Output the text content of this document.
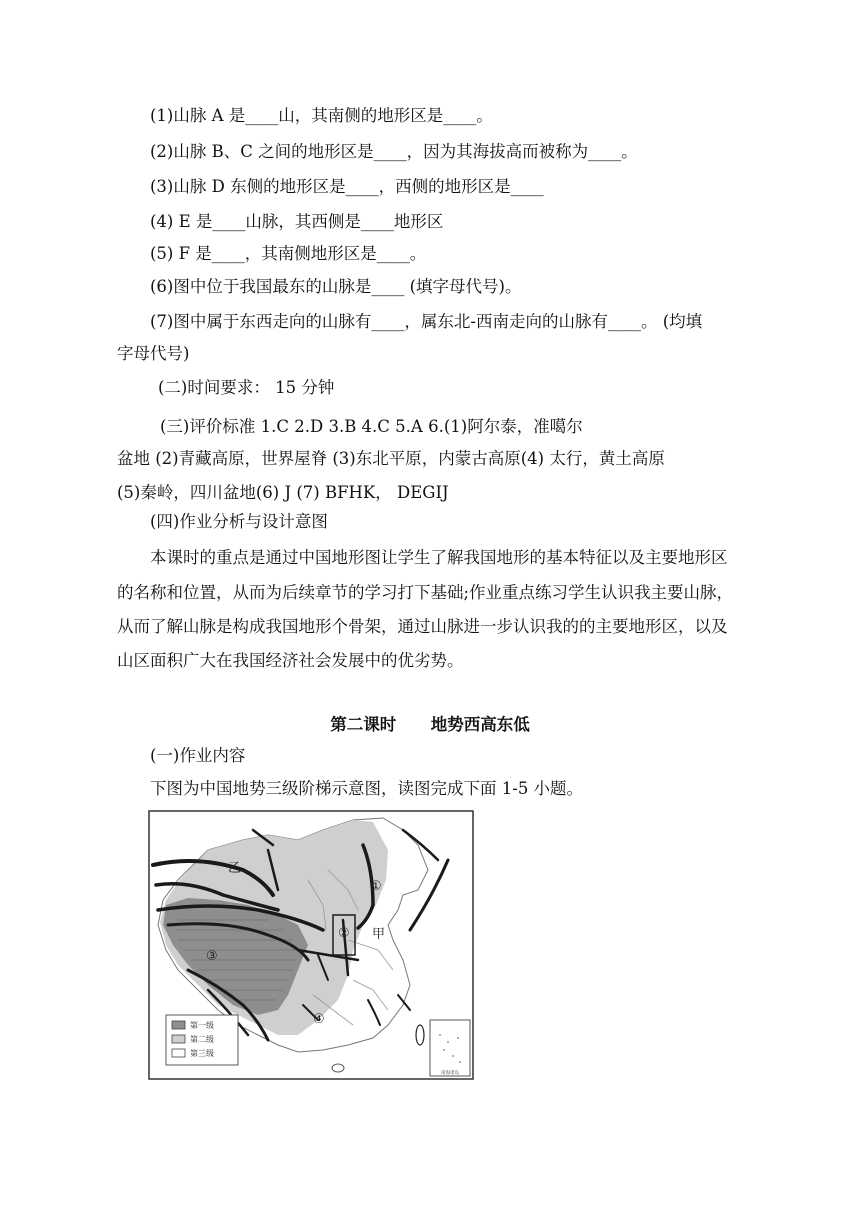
(1)山脉 A 是____山，其南侧的地形区是____。
(2)山脉 B、C 之间的地形区是____，因为其海拔高而被称为____。
(3)山脉 D 东侧的地形区是____，西侧的地形区是____
(4) E 是____山脉，其西侧是____地形区
(5) F 是____，其南侧地形区是____。
(6)图中位于我国最东的山脉是____ (填字母代号)。
(7)图中属于东西走向的山脉有____，属东北-西南走向的山脉有____。 (均填
字母代号)
(二)时间要求： 15 分钟
(三)评价标准 1.C 2.D 3.B 4.C 5.A 6.(1)阿尔泰，准噶尔
盆地 (2)青藏高原，世界屋脊 (3)东北平原，内蒙古高原(4) 太行，黄土高原
(5)秦岭，四川盆地(6) J (7) BFHK， DEGIJ
(四)作业分析与设计意图
本课时的重点是通过中国地形图让学生了解我国地形的基本特征以及主要地形区
的名称和位置，从而为后续章节的学习打下基础;作业重点练习学生认识我主要山脉，
从而了解山脉是构成我国地形个骨架，通过山脉进一步认识我的的主要地形区，以及
山区面积广大在我国经济社会发展中的优劣势。
第二课时      地势西高东低
(一)作业内容
下图为中国地势三级阶梯示意图，读图完成下面 1-5 小题。
南海诸岛
乙
甲
①
②
③
④
第一级
第二级
第三级
